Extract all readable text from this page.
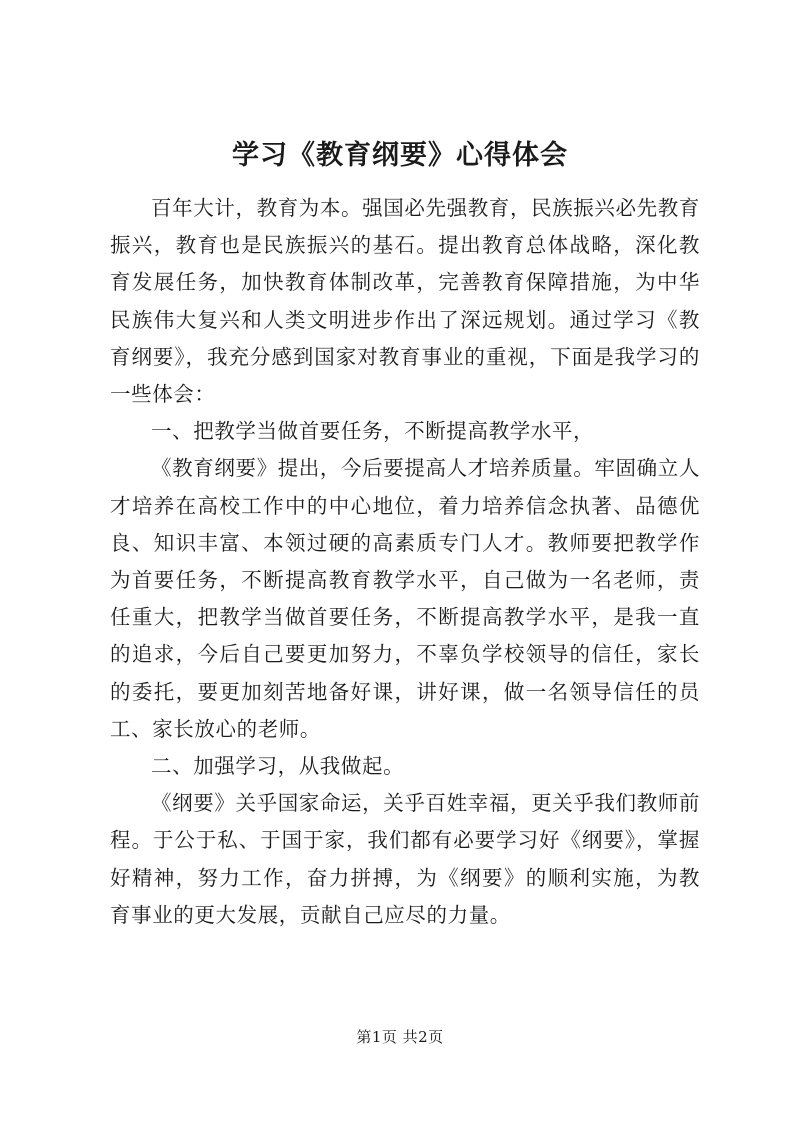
学习《教育纲要》心得体会

百年大计，教育为本。强国必先强教育，民族振兴必先教育振兴，教育也是民族振兴的基石。提出教育总体战略，深化教育发展任务，加快教育体制改革，完善教育保障措施，为中华民族伟大复兴和人类文明进步作出了深远规划。通过学习《教育纲要》，我充分感到国家对教育事业的重视，下面是我学习的一些体会：

一、把教学当做首要任务，不断提高教学水平，

《教育纲要》提出，今后要提高人才培养质量。牢固确立人才培养在高校工作中的中心地位，着力培养信念执著、品德优良、知识丰富、本领过硬的高素质专门人才。教师要把教学作为首要任务，不断提高教育教学水平，自己做为一名老师，责任重大，把教学当做首要任务，不断提高教学水平，是我一直的追求，今后自己要更加努力，不辜负学校领导的信任，家长的委托，要更加刻苦地备好课，讲好课，做一名领导信任的员工、家长放心的老师。

二、加强学习，从我做起。

《纲要》关乎国家命运，关乎百姓幸福，更关乎我们教师前程。于公于私、于国于家，我们都有必要学习好《纲要》，掌握好精神，努力工作，奋力拼搏，为《纲要》的顺利实施，为教育事业的更大发展，贡献自己应尽的力量。

第1页 共2页
